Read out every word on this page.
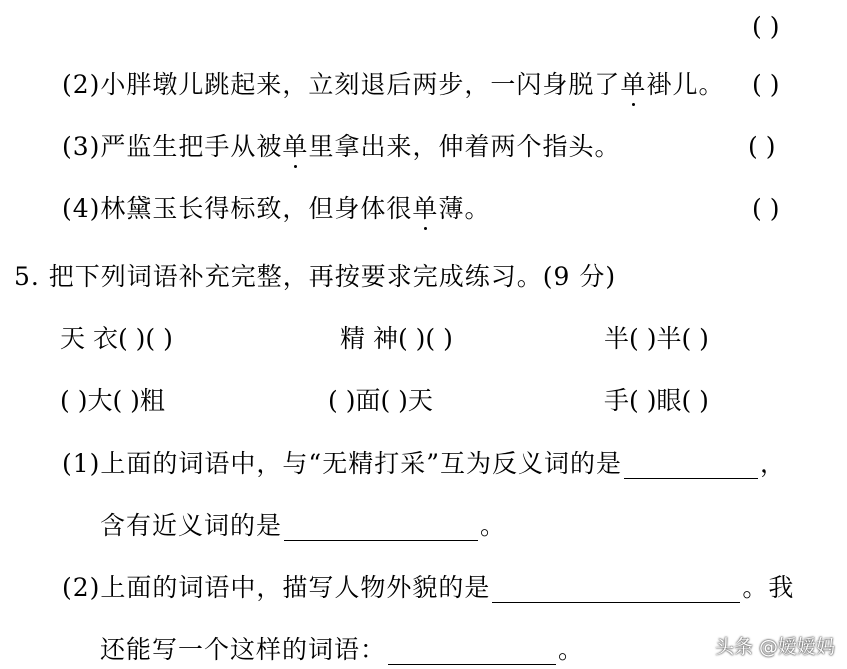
( )
(2)小胖墩儿跳起来，立刻退后两步，一闪身脱了单褂儿。 ( )
(3)严监生把手从被单里拿出来，伸着两个指头。	( )
(4)林黛玉长得标致，但身体很单薄。	( )
5. 把下列词语补充完整，再按要求完成练习。(9 分)
天 衣( )( )	精 神( )( )	半( )半( )
( )大( )粗	( )面( )天	手( )眼( )
(1)上面的词语中，与“无精打采”互为反义词的是	，
含有近义词的是	。
(2)上面的词语中，描写人物外貌的是	。我
还能写一个这样的词语：	。	头条 @嫒嫒妈
